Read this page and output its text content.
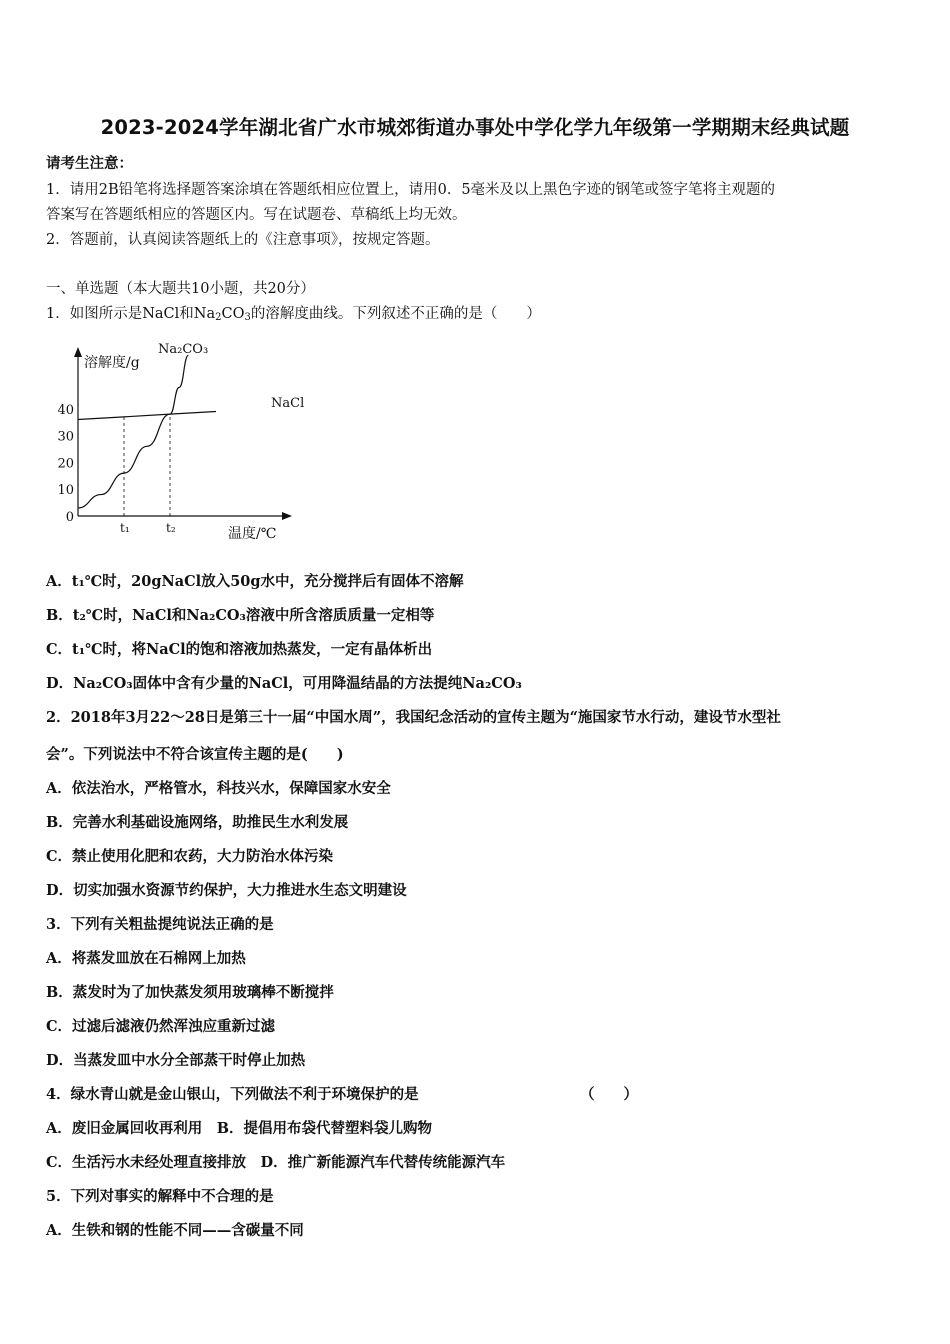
2023-2024学年湖北省广水市城郊街道办事处中学化学九年级第一学期期末经典试题
请考生注意：
1．请用2B铅笔将选择题答案涂填在答题纸相应位置上，请用0．5毫米及以上黑色字迹的钢笔或签字笔将主观题的
答案写在答题纸相应的答题区内。写在试题卷、草稿纸上均无效。
2．答题前，认真阅读答题纸上的《注意事项》，按规定答题。
一、单选题（本大题共10小题，共20分）
1．如图所示是NaCl和$Na_2CO_3$的溶解度曲线。下列叙述不正确的是（　　）
溶解度/g
温度/℃
0
10
20
30
40
t₁	t₂
NaCl
Na₂CO₃
A．t₁℃时，20gNaCl放入50g水中，充分搅拌后有固体不溶解
B．t₂℃时，NaCl和Na₂CO₃溶液中所含溶质质量一定相等
C．t₁℃时，将NaCl的饱和溶液加热蒸发，一定有晶体析出
D．Na₂CO₃固体中含有少量的NaCl，可用降温结晶的方法提纯Na₂CO₃
2．2018年3月22～28日是第三十一届“中国水周”，我国纪念活动的宣传主题为“施国家节水行动，建设节水型社
会”。下列说法中不符合该宣传主题的是(　　)
A．依法治水，严格管水，科技兴水，保障国家水安全
B．完善水利基础设施网络，助推民生水利发展
C．禁止使用化肥和农药，大力防治水体污染
D．切实加强水资源节约保护，大力推进水生态文明建设
3．下列有关粗盐提纯说法正确的是
A．将蒸发皿放在石棉网上加热
B．蒸发时为了加快蒸发须用玻璃棒不断搅拌
C．过滤后滤液仍然浑浊应重新过滤
D．当蒸发皿中水分全部蒸干时停止加热
4．绿水青山就是金山银山，下列做法不利于环境保护的是	（　　）
A．废旧金属回收再利用　B．提倡用布袋代替塑料袋儿购物
C．生活污水未经处理直接排放　D．推广新能源汽车代替传统能源汽车
5．下列对事实的解释中不合理的是
A．生铁和钢的性能不同——含碳量不同
